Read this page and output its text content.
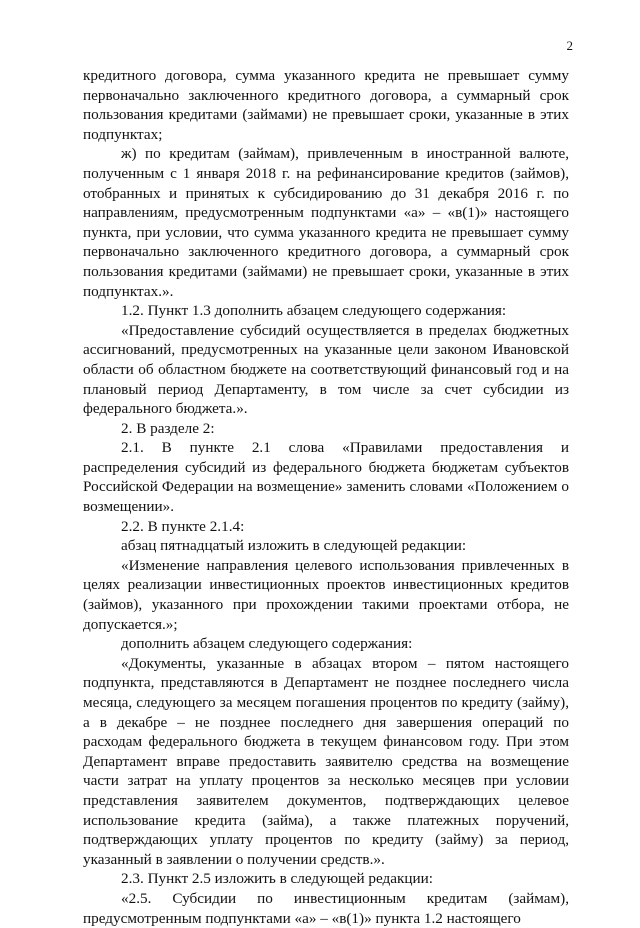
2

кредитного договора, сумма указанного кредита не превышает сумму первоначально заключенного кредитного договора, а суммарный срок пользования кредитами (займами) не превышает сроки, указанные в этих подпунктах;

ж) по кредитам (займам), привлеченным в иностранной валюте, полученным с 1 января 2018 г. на рефинансирование кредитов (займов), отобранных и принятых к субсидированию до 31 декабря 2016 г. по направлениям, предусмотренным подпунктами «а» – «в(1)» настоящего пункта, при условии, что сумма указанного кредита не превышает сумму первоначально заключенного кредитного договора, а суммарный срок пользования кредитами (займами) не превышает сроки, указанные в этих подпунктах.».

1.2. Пункт 1.3 дополнить абзацем следующего содержания:

«Предоставление субсидий осуществляется в пределах бюджетных ассигнований, предусмотренных на указанные цели законом Ивановской области об областном бюджете на соответствующий финансовый год и на плановый период Департаменту, в том числе за счет субсидии из федерального бюджета.».

2. В разделе 2:

2.1. В пункте 2.1 слова «Правилами предоставления и распределения субсидий из федерального бюджета бюджетам субъектов Российской Федерации на возмещение» заменить словами «Положением о возмещении».

2.2. В пункте 2.1.4:

абзац пятнадцатый изложить в следующей редакции:

«Изменение направления целевого использования привлеченных в целях реализации инвестиционных проектов инвестиционных кредитов (займов), указанного при прохождении такими проектами отбора, не допускается.»;

дополнить абзацем следующего содержания:

«Документы, указанные в абзацах втором – пятом настоящего подпункта, представляются в Департамент не позднее последнего числа месяца, следующего за месяцем погашения процентов по кредиту (займу), а в декабре – не позднее последнего дня завершения операций по расходам федерального бюджета в текущем финансовом году. При этом Департамент вправе предоставить заявителю средства на возмещение части затрат на уплату процентов за несколько месяцев при условии представления заявителем документов, подтверждающих целевое использование кредита (займа), а также платежных поручений, подтверждающих уплату процентов по кредиту (займу) за период, указанный в заявлении о получении средств.».

2.3. Пункт 2.5 изложить в следующей редакции:

«2.5. Субсидии по инвестиционным кредитам (займам), предусмотренным подпунктами «а» – «в(1)» пункта 1.2 настоящего
